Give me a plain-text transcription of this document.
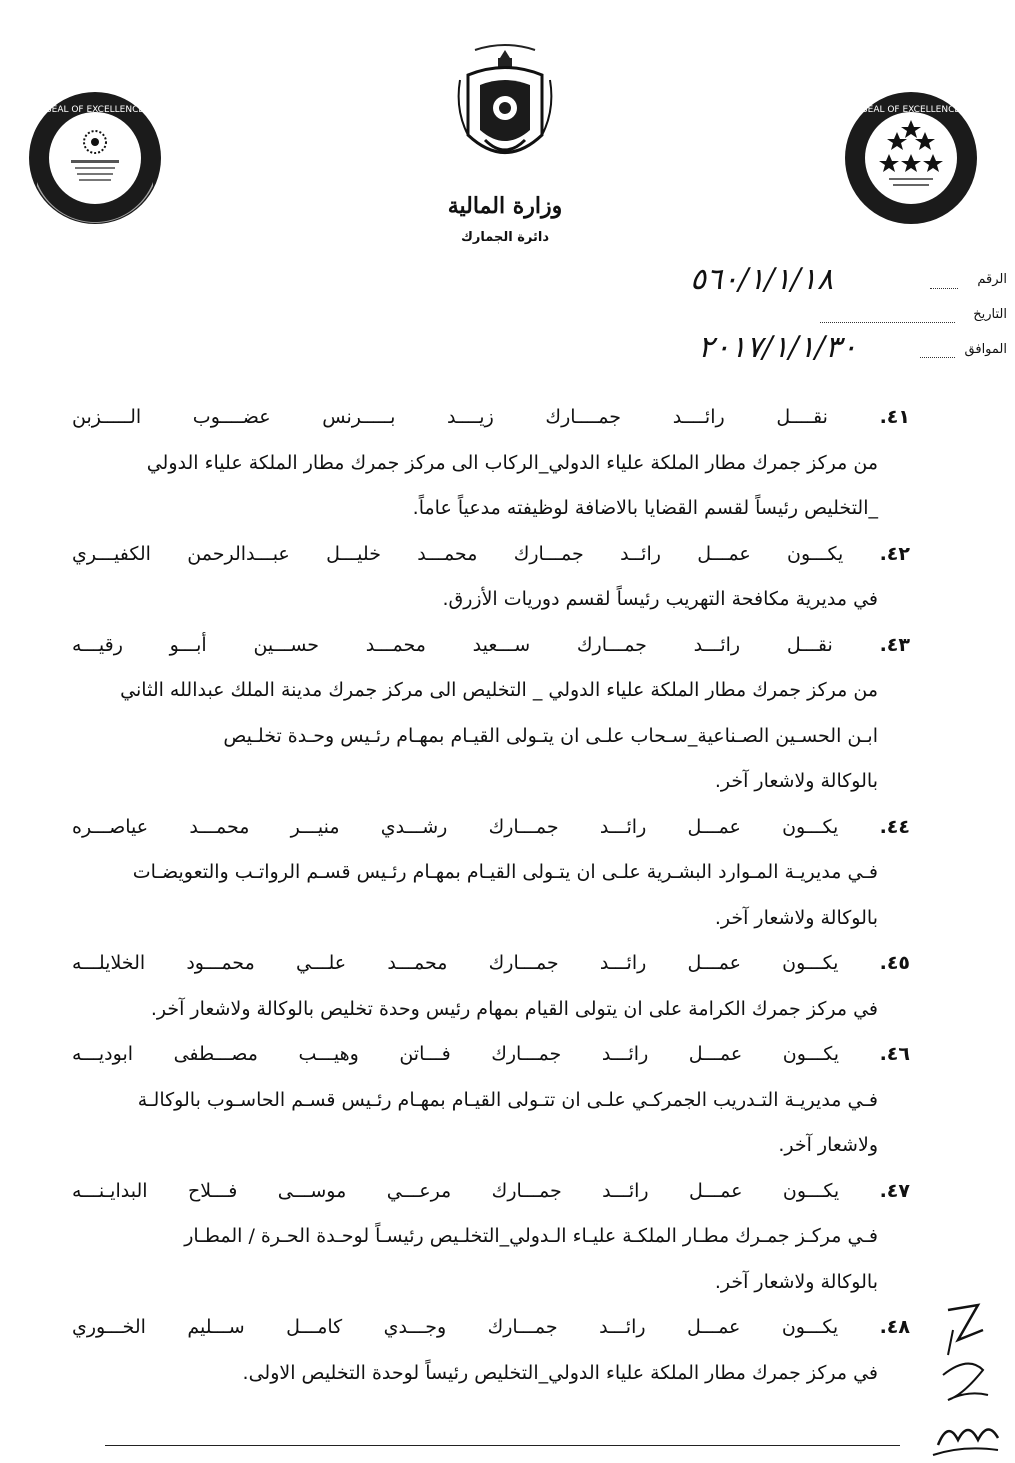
SEAL OF EXCELLENCE
وزارة المالية
دائرة الجمارك
SEAL OF EXCELLENCE
الرقم
٥٦٠/١/١/١٨
التاريخ
الموافق
٢٠١٧/١/١/٣٠
٤١. نقــــل رائــــد جمــــارك زيــــد بـــــرنس عضــــوب الـــــزبن
من مركز جمرك مطار الملكة علياء الدولي_الركاب الى مركز جمرك مطار الملكة علياء الدولي
_التخليص رئيساً لقسم القضايا بالاضافة لوظيفته مدعياً عاماً.
٤٢. يكـــون عمـــل رائــد جمـــارك محمـــد خليـــل عبـــدالرحمن الكفيـــري
في مديرية مكافحة التهريب رئيساً لقسم دوريات الأزرق.
٤٣. نقـــل رائـــد جمـــارك ســـعيد محمـــد حســـين أبـــو رقيـــه
من مركز جمرك مطار الملكة علياء الدولي _ التخليص الى مركز جمرك مدينة الملك عبدالله الثاني
ابـن الحسـين الصـناعية_سـحاب علـى ان يتـولى القيـام بمهـام رئـيس وحـدة تخلـيص
بالوكالة ولاشعار آخر.
٤٤. يكـــون عمـــل رائـــد جمـــارك رشـــدي منيـــر محمـــد عياصـــره
فـي مديريـة المـوارد البشـرية علـى ان يتـولى القيـام بمهـام رئـيس قسـم الرواتـب والتعويضـات
بالوكالة ولاشعار آخر.
٤٥. يكـــون عمـــل رائـــد جمـــارك محمـــد علـــي محمـــود الخلايلـــه
في مركز جمرك الكرامة على ان يتولى القيام بمهام رئيس وحدة تخليص بالوكالة ولاشعار آخر.
٤٦. يكـــون عمـــل رائـــد جمـــارك فـــاتن وهيـــب مصـــطفى ابوديـــه
فـي مديريـة التـدريب الجمركـي علـى ان تتـولى القيـام بمهـام رئـيس قسـم الحاسـوب بالوكالـة
ولاشعار آخر.
٤٧. يكـــون عمـــل رائـــد جمـــارك مرعـــي موســـى فـــلاح البدايـنـــه
فـي مركـز جمـرك مطـار الملكـة عليـاء الـدولي_التخلـيص رئيسـاً لوحـدة الحـرة / المطـار
بالوكالة ولاشعار آخر.
٤٨. يكـــون عمـــل رائـــد جمـــارك وجـــدي كامـــل ســـليم الخـــوري
في مركز جمرك مطار الملكة علياء الدولي_التخليص رئيساً لوحدة التخليص الاولى.
